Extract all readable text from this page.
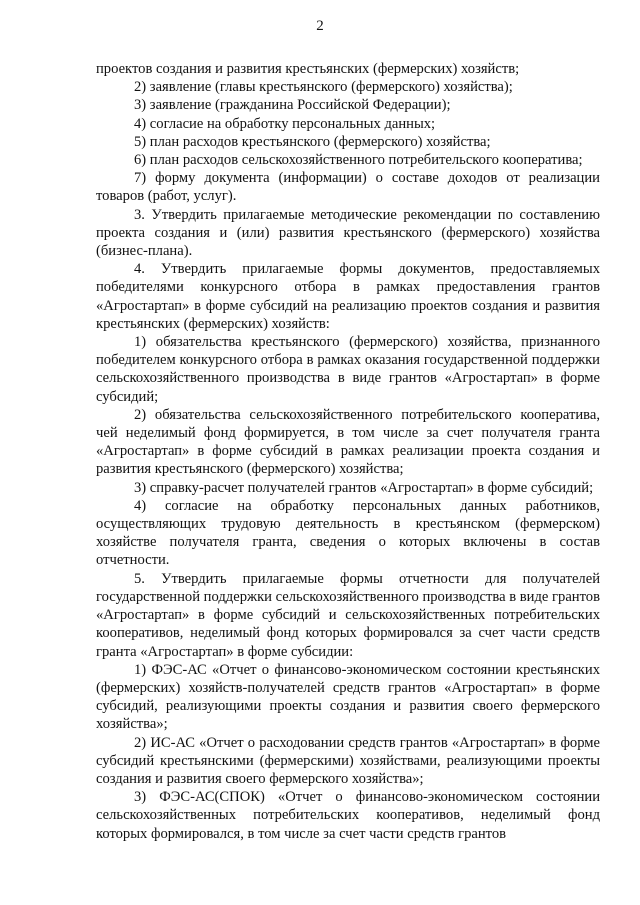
2

проектов создания и развития крестьянских (фермерских) хозяйств;

2) заявление (главы крестьянского (фермерского) хозяйства);

3) заявление (гражданина Российской Федерации);

4) согласие на обработку персональных данных;

5) план расходов крестьянского (фермерского) хозяйства;

6) план расходов сельскохозяйственного потребительского кооператива;

7) форму документа (информации) о составе доходов от реализации товаров (работ, услуг).

3. Утвердить прилагаемые методические рекомендации по составлению проекта создания и (или) развития крестьянского (фермерского) хозяйства (бизнес-плана).

4. Утвердить прилагаемые формы документов, предоставляемых победителями конкурсного отбора в рамках предоставления грантов «Агростартап» в форме субсидий на реализацию проектов создания и развития крестьянских (фермерских) хозяйств:

1) обязательства крестьянского (фермерского) хозяйства, признанного победителем конкурсного отбора в рамках оказания государственной поддержки сельскохозяйственного производства в виде грантов «Агростартап» в форме субсидий;

2) обязательства сельскохозяйственного потребительского кооператива, чей неделимый фонд формируется, в том числе за счет получателя гранта «Агростартап» в форме субсидий в рамках реализации проекта создания и развития крестьянского (фермерского) хозяйства;

3) справку-расчет получателей грантов «Агростартап» в форме субсидий;

4) согласие на обработку персональных данных работников, осуществляющих трудовую деятельность в крестьянском (фермерском) хозяйстве получателя гранта, сведения о которых включены в состав отчетности.

5. Утвердить прилагаемые формы отчетности для получателей государственной поддержки сельскохозяйственного производства в виде грантов «Агростартап» в форме субсидий и сельскохозяйственных потребительских кооперативов, неделимый фонд которых формировался за счет части средств гранта «Агростартап» в форме субсидии:

1) ФЭС-АС «Отчет о финансово-экономическом состоянии крестьянских (фермерских) хозяйств-получателей средств грантов «Агростартап» в форме субсидий, реализующими проекты создания и развития своего фермерского хозяйства»;

2) ИС-АС «Отчет о расходовании средств грантов «Агростартап» в форме субсидий крестьянскими (фермерскими) хозяйствами, реализующими проекты создания и развития своего фермерского хозяйства»;

3) ФЭС-АС(СПОК) «Отчет о финансово-экономическом состоянии сельскохозяйственных потребительских кооперативов, неделимый фонд которых формировался, в том числе за счет части средств грантов
